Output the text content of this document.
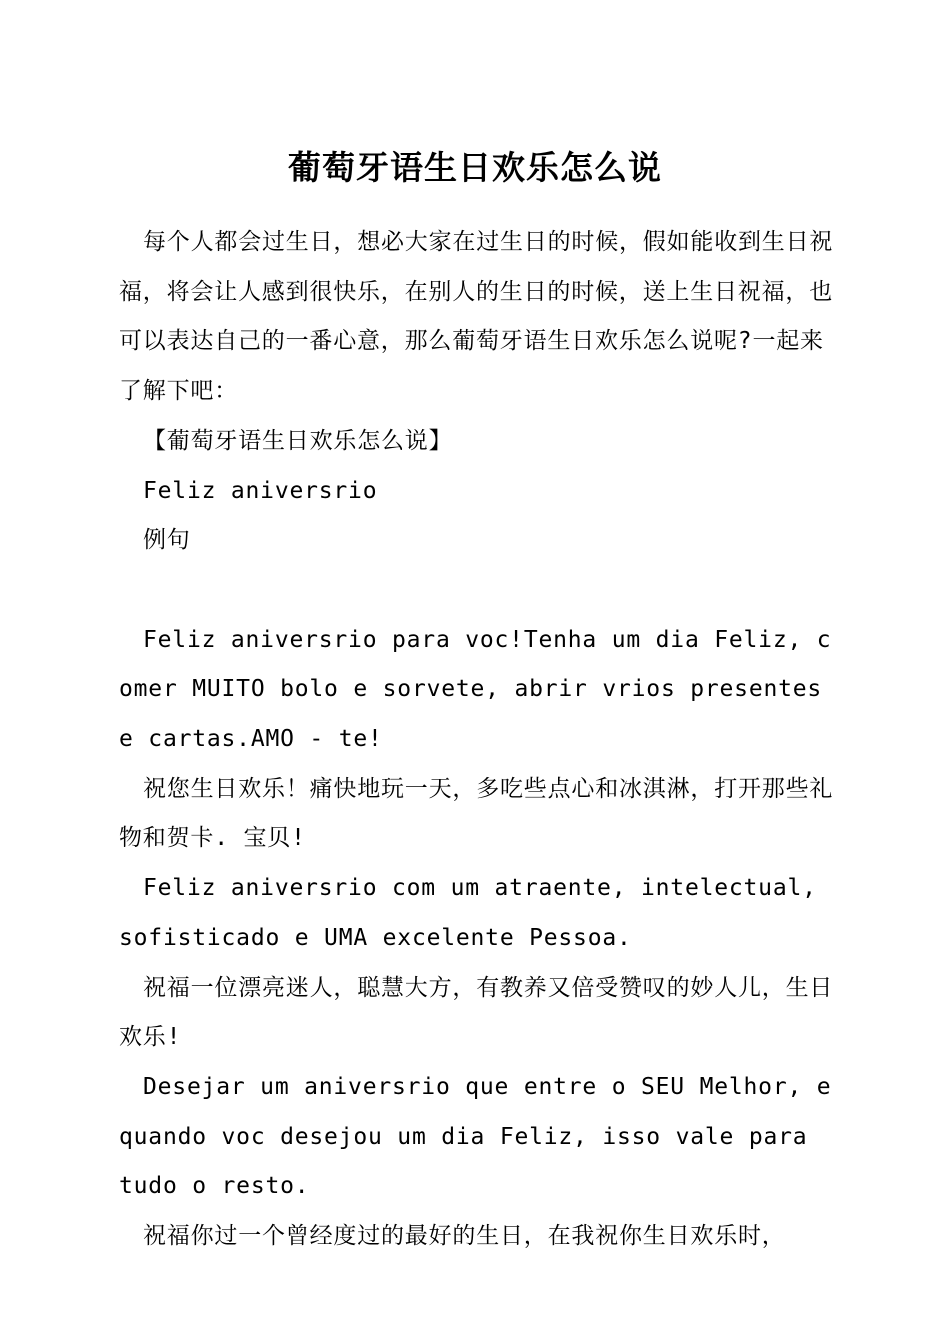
葡萄牙语生日欢乐怎么说

每个人都会过生日，想必大家在过生日的时候，假如能收到生日祝福，将会让人感到很快乐，在别人的生日的时候，送上生日祝福，也可以表达自己的一番心意，那么葡萄牙语生日欢乐怎么说呢?一起来了解下吧：

【葡萄牙语生日欢乐怎么说】

Feliz aniversrio

例句

Feliz aniversrio para voc!Tenha um dia Feliz, comer MUITO bolo e sorvete, abrir vrios presentes e cartas.AMO - te!

祝您生日欢乐！痛快地玩一天，多吃些点心和冰淇淋，打开那些礼物和贺卡. 宝贝!

Feliz aniversrio com um atraente, intelectual, sofisticado e UMA excelente Pessoa.

祝福一位漂亮迷人，聪慧大方，有教养又倍受赞叹的妙人儿，生日欢乐!

Desejar um aniversrio que entre o SEU Melhor, e quando voc desejou um dia Feliz, isso vale para tudo o resto.

祝福你过一个曾经度过的最好的生日，在我祝你生日欢乐时，
